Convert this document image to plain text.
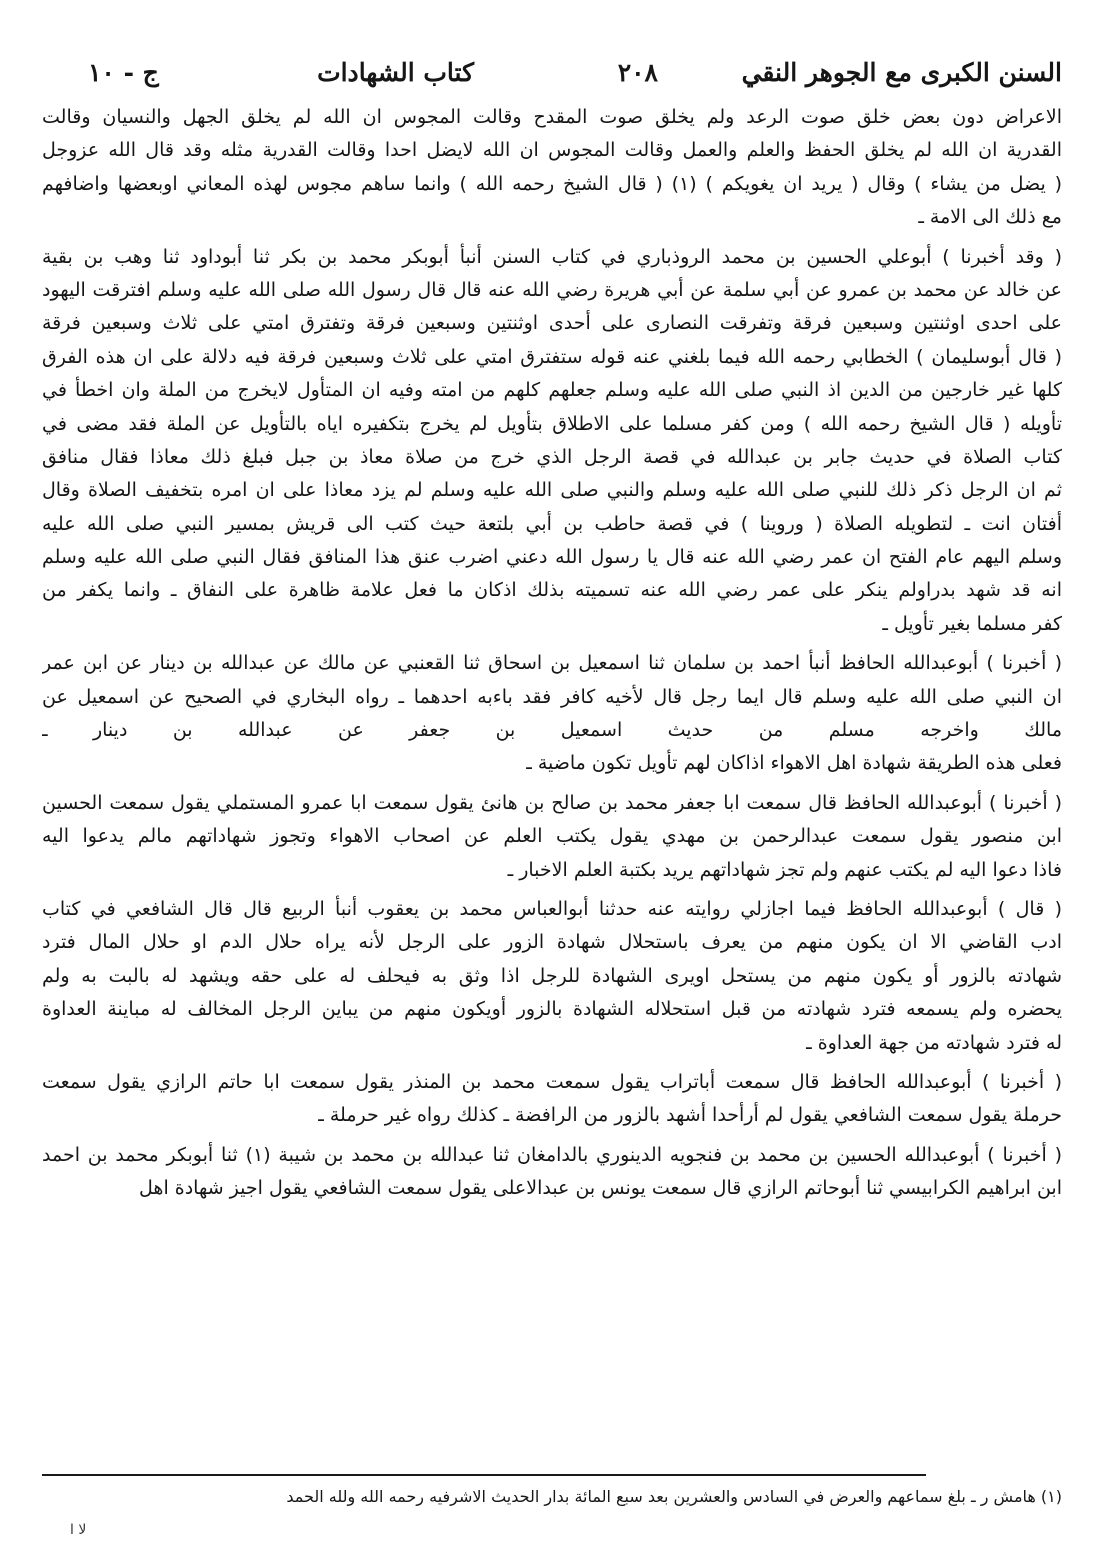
السنن الكبرى مع الجوهر النقي
٢٠٨
كتاب الشهادات
ج - ١٠
الاعراض دون بعض خلق صوت الرعد ولم يخلق صوت المقدح وقالت المجوس ان الله لم يخلق الجهل والنسيان وقالت
القدرية ان الله لم يخلق الحفظ والعلم والعمل وقالت المجوس ان الله لايضل احدا وقالت القدرية مثله وقد قال الله عزوجل
( يضل من يشاء ) وقال ( يريد ان يغويكم ) (١) ( قال الشيخ رحمه الله ) وانما ساهم مجوس لهذه المعاني اوبعضها واضافهم
مع ذلك الى الامة ـ
( وقد أخبرنا ) أبوعلي الحسين بن محمد الروذباري في كتاب السنن أنبأ أبوبكر محمد بن بكر ثنا أبوداود ثنا وهب بن بقية
عن خالد عن محمد بن عمرو عن أبي سلمة عن أبي هريرة رضي الله عنه قال قال رسول الله صلى الله عليه وسلم افترقت اليهود
على احدى اوثنتين وسبعين فرقة وتفرقت النصارى على أحدى اوثنتين وسبعين فرقة وتفترق امتي على ثلاث وسبعين فرقة
( قال أبوسليمان ) الخطابي رحمه الله فيما بلغني عنه قوله ستفترق امتي على ثلاث وسبعين فرقة فيه دلالة على ان هذه الفرق
كلها غير خارجين من الدين اذ النبي صلى الله عليه وسلم جعلهم كلهم من امته وفيه ان المتأول لايخرج من الملة وان اخطأ في
تأويله ( قال الشيخ رحمه الله ) ومن كفر مسلما على الاطلاق بتأويل لم يخرج بتكفيره اياه بالتأويل عن الملة فقد مضى في
كتاب الصلاة في حديث جابر بن عبدالله في قصة الرجل الذي خرج من صلاة معاذ بن جبل فبلغ ذلك معاذا فقال منافق
ثم ان الرجل ذكر ذلك للنبي صلى الله عليه وسلم والنبي صلى الله عليه وسلم لم يزد معاذا على ان امره بتخفيف الصلاة وقال
أفتان انت ـ لتطويله الصلاة ( وروينا ) في قصة حاطب بن أبي بلتعة حيث كتب الى قريش بمسير النبي صلى الله عليه
وسلم اليهم عام الفتح ان عمر رضي الله عنه قال يا رسول الله دعني اضرب عنق هذا المنافق فقال النبي صلى الله عليه وسلم
انه قد شهد بدراولم ينكر على عمر رضي الله عنه تسميته بذلك اذكان ما فعل علامة ظاهرة على النفاق ـ وانما يكفر من
كفر مسلما بغير تأويل ـ
( أخبرنا ) أبوعبدالله الحافظ أنبأ احمد بن سلمان ثنا اسمعيل بن اسحاق ثنا القعنبي عن مالك عن عبدالله بن دينار عن ابن عمر
ان النبي صلى الله عليه وسلم قال ايما رجل قال لأخيه كافر فقد باءبه احدهما ـ رواه البخاري في الصحيح عن اسمعيل عن
مالك واخرجه مسلم من حديث اسمعيل بن جعفر عن عبدالله بن دينار ـ
فعلى هذه الطريقة شهادة اهل الاهواء اذاكان لهم تأويل تكون ماضية ـ
( أخبرنا ) أبوعبدالله الحافظ قال سمعت ابا جعفر محمد بن صالح بن هانئ يقول سمعت ابا عمرو المستملي يقول سمعت الحسين
ابن منصور يقول سمعت عبدالرحمن بن مهدي يقول يكتب العلم عن اصحاب الاهواء وتجوز شهاداتهم مالم يدعوا اليه
فاذا دعوا اليه لم يكتب عنهم ولم تجز شهاداتهم يريد بكتبة العلم الاخبار ـ
( قال ) أبوعبدالله الحافظ فيما اجازلي روايته عنه حدثنا أبوالعباس محمد بن يعقوب أنبأ الربيع قال قال الشافعي في كتاب
ادب القاضي الا ان يكون منهم من يعرف باستحلال شهادة الزور على الرجل لأنه يراه حلال الدم او حلال المال فترد
شهادته بالزور أو يكون منهم من يستحل اويرى الشهادة للرجل اذا وثق به فيحلف له على حقه ويشهد له بالبت به ولم
يحضره ولم يسمعه فترد شهادته من قبل استحلاله الشهادة بالزور أويكون منهم من يباين الرجل المخالف له مباينة العداوة
له فترد شهادته من جهة العداوة ـ
( أخبرنا ) أبوعبدالله الحافظ قال سمعت أباتراب يقول سمعت محمد بن المنذر يقول سمعت ابا حاتم الرازي يقول سمعت
حرملة يقول سمعت الشافعي يقول لم أرأحدا أشهد بالزور من الرافضة ـ كذلك رواه غير حرملة ـ
( أخبرنا ) أبوعبدالله الحسين بن محمد بن فنجويه الدينوري بالدامغان ثنا عبدالله بن محمد بن شيبة (١) ثنا أبوبكر محمد بن احمد
ابن ابراهيم الكرابيسي ثنا أبوحاتم الرازي قال سمعت يونس بن عبدالاعلى يقول سمعت الشافعي يقول اجيز شهادة اهل
(١) هامش ر ـ بلغ سماعهم والعرض في السادس والعشرين بعد سبع المائة بدار الحديث الاشرفيه رحمه الله ولله الحمد
لا ا
